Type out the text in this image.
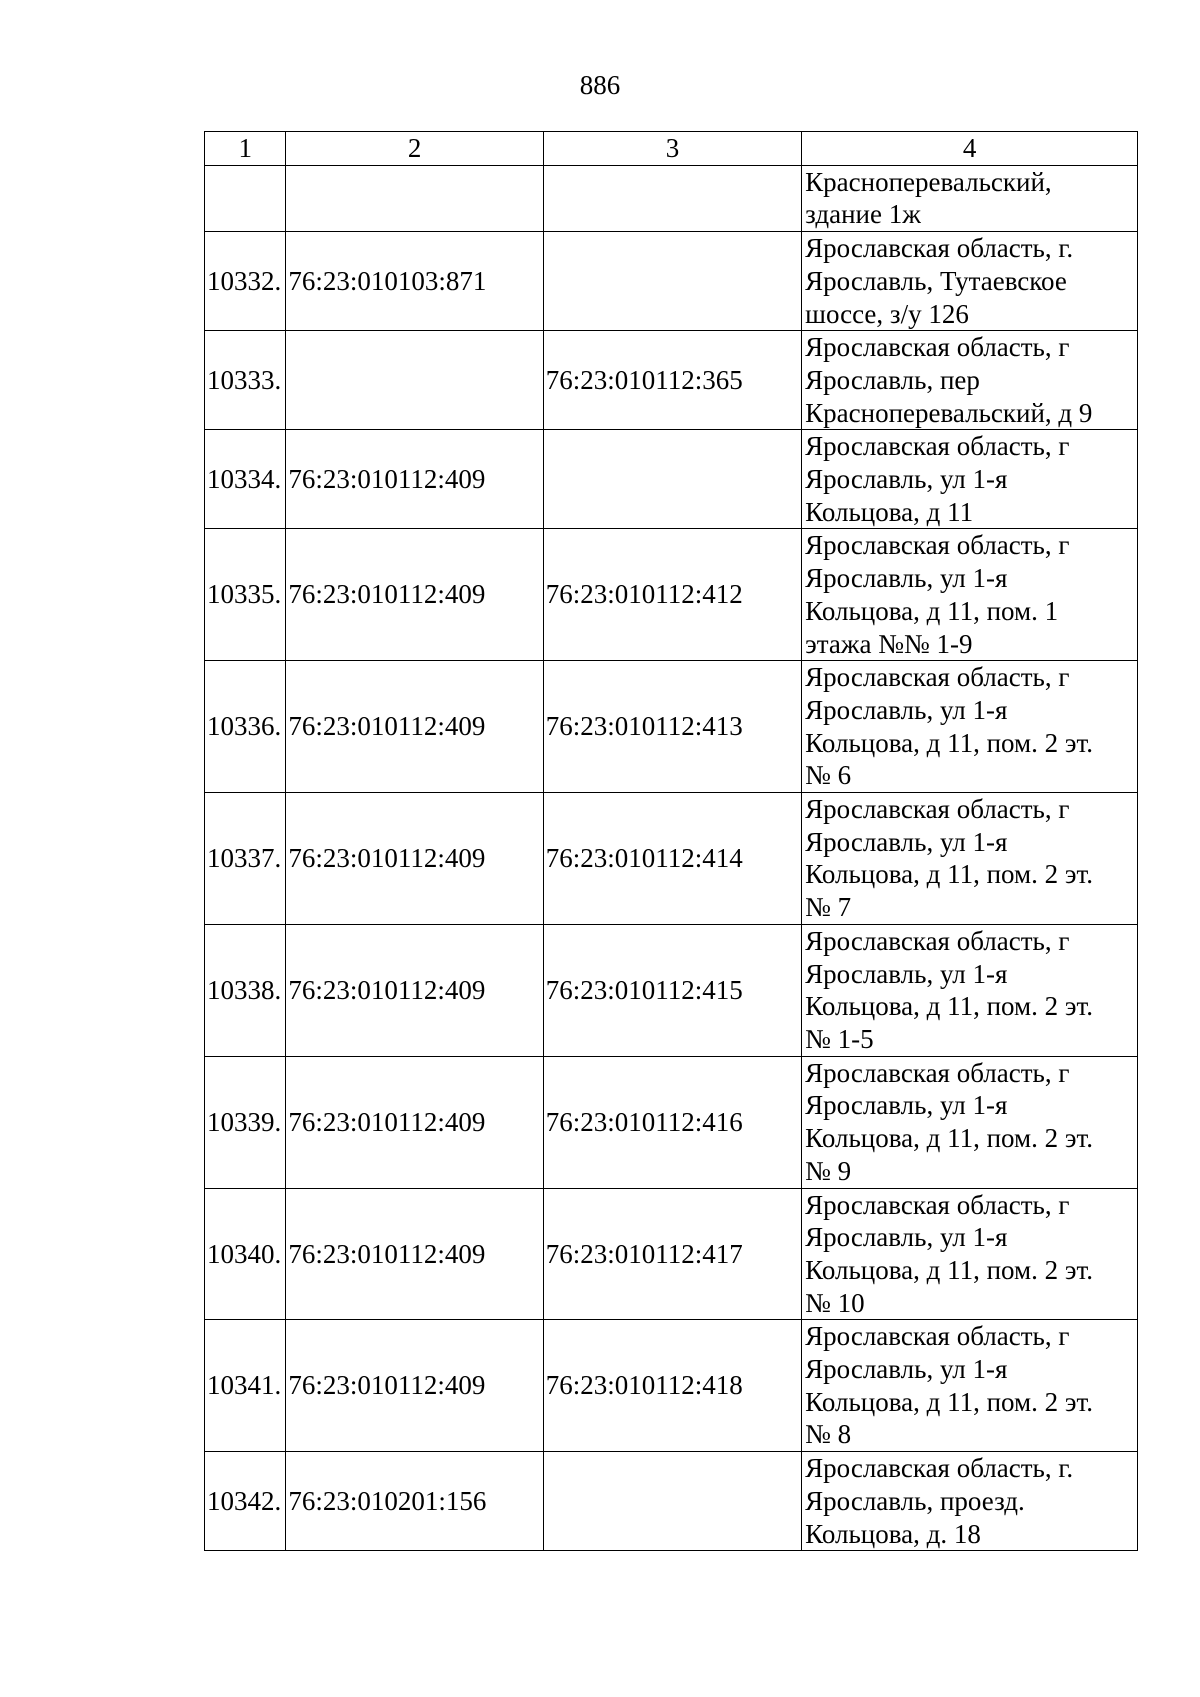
886
1	2	3	4

			Красноперевальский,
здание 1ж

10332.	76:23:010103:871		Ярославская область, г.
Ярославль, Тутаевское
шоссе, з/у 126

10333.		76:23:010112:365	Ярославская область, г
Ярославль, пер
Красноперевальский, д 9

10334.	76:23:010112:409		Ярославская область, г
Ярославль, ул 1-я
Кольцова, д 11

10335.	76:23:010112:409	76:23:010112:412	Ярославская область, г
Ярославль, ул 1-я
Кольцова, д 11, пом. 1
этажа №№ 1-9

10336.	76:23:010112:409	76:23:010112:413	Ярославская область, г
Ярославль, ул 1-я
Кольцова, д 11, пом. 2 эт.
№ 6

10337.	76:23:010112:409	76:23:010112:414	Ярославская область, г
Ярославль, ул 1-я
Кольцова, д 11, пом. 2 эт.
№ 7

10338.	76:23:010112:409	76:23:010112:415	Ярославская область, г
Ярославль, ул 1-я
Кольцова, д 11, пом. 2 эт.
№ 1-5

10339.	76:23:010112:409	76:23:010112:416	Ярославская область, г
Ярославль, ул 1-я
Кольцова, д 11, пом. 2 эт.
№ 9

10340.	76:23:010112:409	76:23:010112:417	Ярославская область, г
Ярославль, ул 1-я
Кольцова, д 11, пом. 2 эт.
№ 10

10341.	76:23:010112:409	76:23:010112:418	Ярославская область, г
Ярославль, ул 1-я
Кольцова, д 11, пом. 2 эт.
№ 8

10342.	76:23:010201:156		Ярославская область, г.
Ярославль, проезд.
Кольцова, д. 18
